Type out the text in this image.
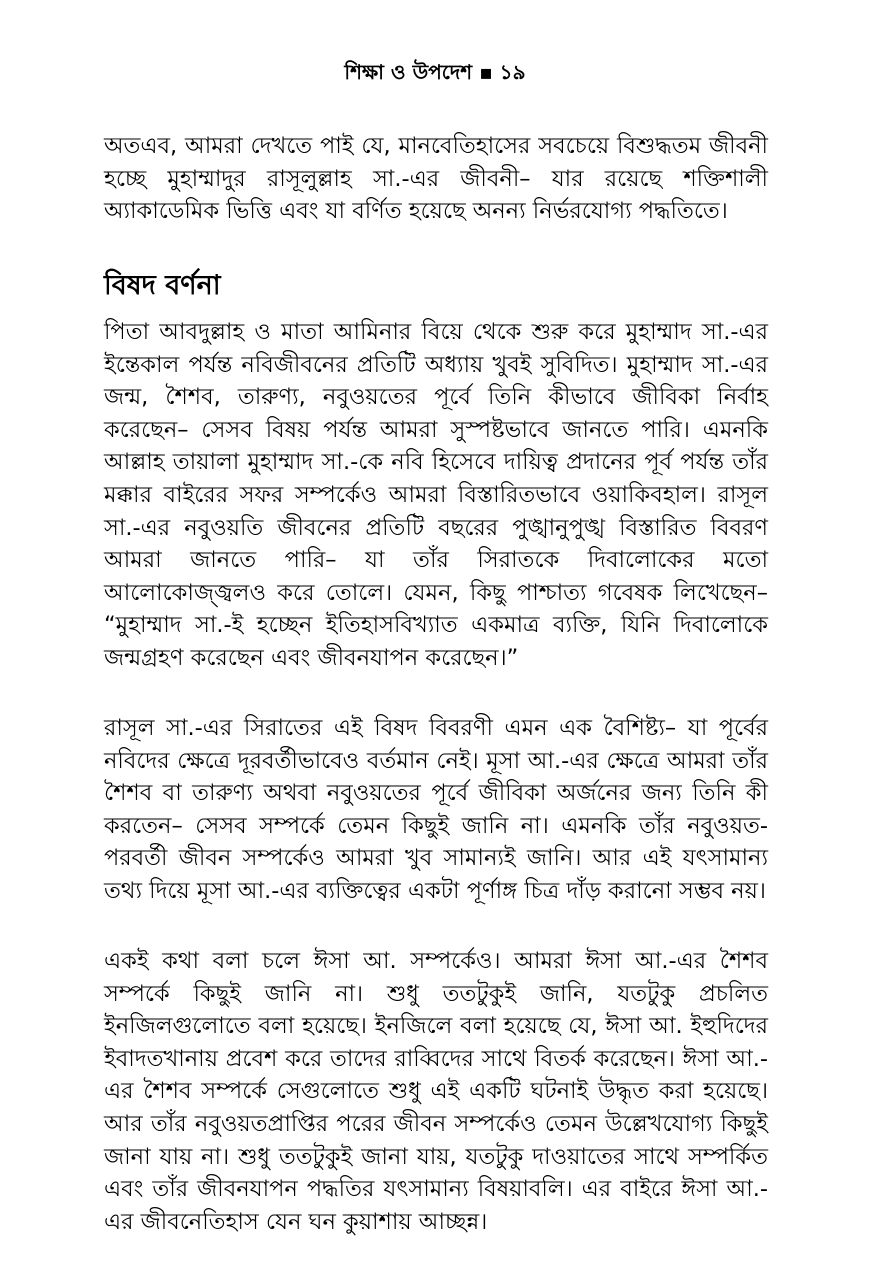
শিক্ষা ও উপদেশ ▪ ১৯

অতএব, আমরা দেখতে পাই যে, মানবেতিহাসের সবচেয়ে বিশুদ্ধতম জীবনী হচ্ছে মুহাম্মাদুর রাসূলুল্লাহ সা.-এর জীবনী– যার রয়েছে শক্তিশালী অ্যাকাডেমিক ভিত্তি এবং যা বর্ণিত হয়েছে অনন্য নির্ভরযোগ্য পদ্ধতিতে।

বিষদ বর্ণনা

পিতা আবদুল্লাহ ও মাতা আমিনার বিয়ে থেকে শুরু করে মুহাম্মাদ সা.-এর ইন্তেকাল পর্যন্ত নবিজীবনের প্রতিটি অধ্যায় খুবই সুবিদিত। মুহাম্মাদ সা.-এর জন্ম, শৈশব, তারুণ্য, নবুওয়তের পূর্বে তিনি কীভাবে জীবিকা নির্বাহ করেছেন– সেসব বিষয় পর্যন্ত আমরা সুস্পষ্টভাবে জানতে পারি। এমনকি আল্লাহ তায়ালা মুহাম্মাদ সা.-কে নবি হিসেবে দায়িত্ব প্রদানের পূর্ব পর্যন্ত তাঁর মক্কার বাইরের সফর সম্পর্কেও আমরা বিস্তারিতভাবে ওয়াকিবহাল। রাসূল সা.-এর নবুওয়তি জীবনের প্রতিটি বছরের পুঙ্খানুপুঙ্খ বিস্তারিত বিবরণ আমরা জানতে পারি– যা তাঁর সিরাতকে দিবালোকের মতো আলোকোজ্জ্বলও করে তোলে। যেমন, কিছু পাশ্চাত্য গবেষক লিখেছেন– “মুহাম্মাদ সা.-ই হচ্ছেন ইতিহাসবিখ্যাত একমাত্র ব্যক্তি, যিনি দিবালোকে জন্মগ্রহণ করেছেন এবং জীবনযাপন করেছেন।”

রাসূল সা.-এর সিরাতের এই বিষদ বিবরণী এমন এক বৈশিষ্ট্য– যা পূর্বের নবিদের ক্ষেত্রে দূরবর্তীভাবেও বর্তমান নেই। মূসা আ.-এর ক্ষেত্রে আমরা তাঁর শৈশব বা তারুণ্য অথবা নবুওয়তের পূর্বে জীবিকা অর্জনের জন্য তিনি কী করতেন– সেসব সম্পর্কে তেমন কিছুই জানি না। এমনকি তাঁর নবুওয়ত-পরবর্তী জীবন সম্পর্কেও আমরা খুব সামান্যই জানি। আর এই যৎসামান্য তথ্য দিয়ে মূসা আ.-এর ব্যক্তিত্বের একটা পূর্ণাঙ্গ চিত্র দাঁড় করানো সম্ভব নয়।

একই কথা বলা চলে ঈসা আ. সম্পর্কেও। আমরা ঈসা আ.-এর শৈশব সম্পর্কে কিছুই জানি না। শুধু ততটুকুই জানি, যতটুকু প্রচলিত ইনজিলগুলোতে বলা হয়েছে। ইনজিলে বলা হয়েছে যে, ঈসা আ. ইহুদিদের ইবাদতখানায় প্রবেশ করে তাদের রাব্বিদের সাথে বিতর্ক করেছেন। ঈসা আ.-এর শৈশব সম্পর্কে সেগুলোতে শুধু এই একটি ঘটনাই উদ্ধৃত করা হয়েছে। আর তাঁর নবুওয়তপ্রাপ্তির পরের জীবন সম্পর্কেও তেমন উল্লেখযোগ্য কিছুই জানা যায় না। শুধু ততটুকুই জানা যায়, যতটুকু দাওয়াতের সাথে সম্পর্কিত এবং তাঁর জীবনযাপন পদ্ধতির যৎসামান্য বিষয়াবলি। এর বাইরে ঈসা আ.-এর জীবনেতিহাস যেন ঘন কুয়াশায় আচ্ছন্ন।
